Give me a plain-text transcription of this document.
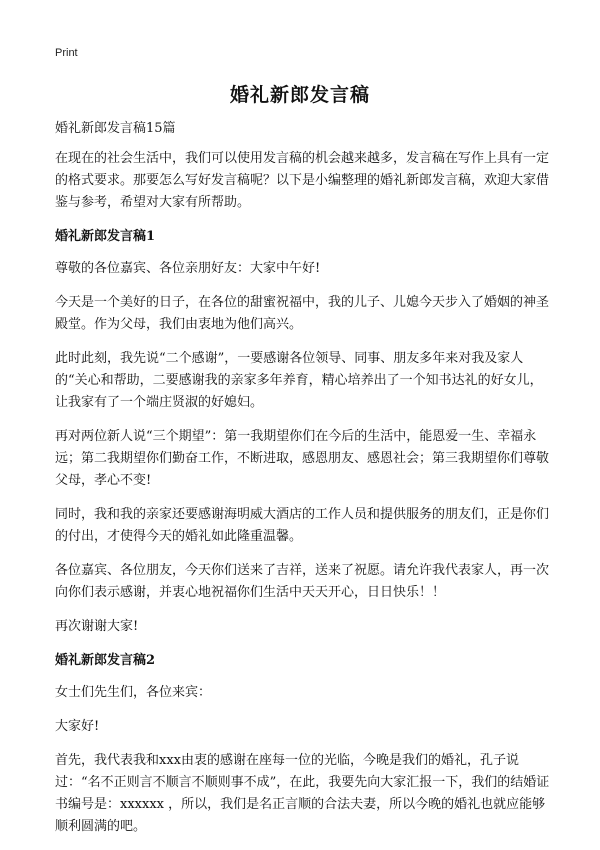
Print
婚礼新郎发言稿

婚礼新郎发言稿15篇

在现在的社会生活中，我们可以使用发言稿的机会越来越多，发言稿在写作上具有一定的格式要求。那要怎么写好发言稿呢？以下是小编整理的婚礼新郎发言稿，欢迎大家借鉴与参考，希望对大家有所帮助。

婚礼新郎发言稿1

尊敬的各位嘉宾、各位亲朋好友：大家中午好!

今天是一个美好的日子，在各位的甜蜜祝福中，我的儿子、儿媳今天步入了婚姻的神圣殿堂。作为父母，我们由衷地为他们高兴。

此时此刻，我先说“二个感谢”，一要感谢各位领导、同事、朋友多年来对我及家人的“关心和帮助，二要感谢我的亲家多年养育，精心培养出了一个知书达礼的好女儿，让我家有了一个端庄贤淑的好媳妇。

再对两位新人说“三个期望”：第一我期望你们在今后的生活中，能恩爱一生、幸福永远；第二我期望你们勤奋工作，不断进取，感恩朋友、感恩社会；第三我期望你们尊敬父母，孝心不变!

同时，我和我的亲家还要感谢海明威大酒店的工作人员和提供服务的朋友们，正是你们的付出，才使得今天的婚礼如此隆重温馨。

各位嘉宾、各位朋友，今天你们送来了吉祥，送来了祝愿。请允许我代表家人，再一次向你们表示感谢，并衷心地祝福你们生活中天天开心，日日快乐！！

再次谢谢大家!

婚礼新郎发言稿2

女士们先生们，各位来宾：

大家好!

首先，我代表我和xxx由衷的感谢在座每一位的光临，今晚是我们的婚礼，孔子说过：“名不正则言不顺言不顺则事不成”，在此，我要先向大家汇报一下，我们的结婚证书编号是：xxxxxx ，所以，我们是名正言顺的合法夫妻，所以今晚的婚礼也就应能够顺利圆满的吧。
